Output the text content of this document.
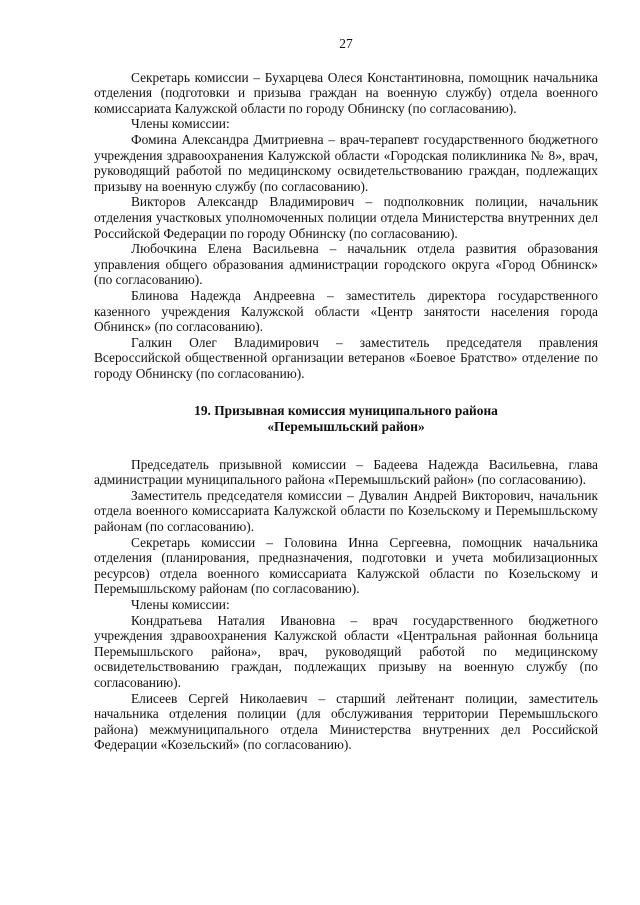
27

Секретарь комиссии – Бухарцева Олеся Константиновна, помощник начальника отделения (подготовки и призыва граждан на военную службу) отдела военного комиссариата Калужской области по городу Обнинску (по согласованию).

Члены комиссии:

Фомина Александра Дмитриевна – врач-терапевт государственного бюджетного учреждения здравоохранения Калужской области «Городская поликлиника № 8», врач, руководящий работой по медицинскому освидетельствованию граждан, подлежащих призыву на военную службу (по согласованию).

Викторов Александр Владимирович – подполковник полиции, начальник отделения участковых уполномоченных полиции отдела Министерства внутренних дел Российской Федерации по городу Обнинску (по согласованию).

Любочкина Елена Васильевна – начальник отдела развития образования управления общего образования администрации городского округа «Город Обнинск» (по согласованию).

Блинова Надежда Андреевна – заместитель директора государственного казенного учреждения Калужской области «Центр занятости населения города Обнинск» (по согласованию).

Галкин Олег Владимирович – заместитель председателя правления Всероссийской общественной организации ветеранов «Боевое Братство» отделение по городу Обнинску (по согласованию).

19. Призывная комиссия муниципального района
«Перемышльский район»

Председатель призывной комиссии – Бадеева Надежда Васильевна, глава администрации муниципального района «Перемышльский район» (по согласованию).

Заместитель председателя комиссии – Дувалин Андрей Викторович, начальник отдела военного комиссариата Калужской области по Козельскому и Перемышльскому районам (по согласованию).

Секретарь комиссии – Головина Инна Сергеевна, помощник начальника отделения (планирования, предназначения, подготовки и учета мобилизационных ресурсов) отдела военного комиссариата Калужской области по Козельскому и Перемышльскому районам (по согласованию).

Члены комиссии:

Кондратьева Наталия Ивановна – врач государственного бюджетного учреждения здравоохранения Калужской области «Центральная районная больница Перемышльского района», врач, руководящий работой по медицинскому освидетельствованию граждан, подлежащих призыву на военную службу (по согласованию).

Елисеев Сергей Николаевич – старший лейтенант полиции, заместитель начальника отделения полиции (для обслуживания территории Перемышльского района) межмуниципального отдела Министерства внутренних дел Российской Федерации «Козельский» (по согласованию).
